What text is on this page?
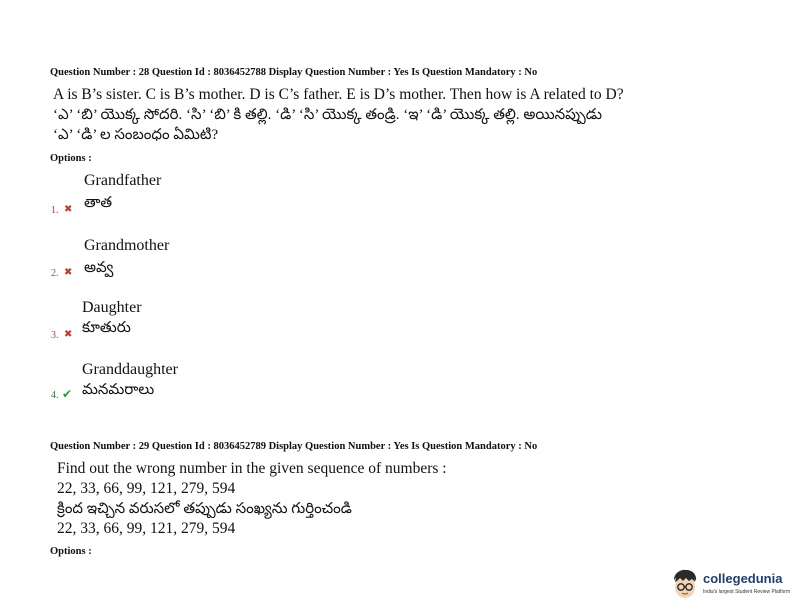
Question Number : 28 Question Id : 8036452788 Display Question Number : Yes Is Question Mandatory : No
A is B’s sister. C is B’s mother. D is C’s father. E is D’s mother. Then how is A related to D?
‘ఎ’ ‘బి’ యొక్క సోదరి. ‘సి’ ‘బి’ కి తల్లి. ‘డి’ ‘సి’ యొక్క తండ్రి. ‘ఇ’ ‘డి’ యొక్క తల్లి. అయినప్పుడు
‘ఎ’ ‘డి’ ల సంబంధం ఏమిటి?
Options :
Grandfather
1. ✖ తాత
Grandmother
2. ✖ అవ్వ
Daughter
3. ✖ కూతురు
Granddaughter
4. ✔ మనమరాలు
Question Number : 29 Question Id : 8036452789 Display Question Number : Yes Is Question Mandatory : No
Find out the wrong number in the given sequence of numbers :
22, 33, 66, 99, 121, 279, 594
క్రింద ఇచ్చిన వరుసలో తప్పుడు సంఖ్యను గుర్తించండి
22, 33, 66, 99, 121, 279, 594
Options :
collegedunia
India's largest Student Review Platform
